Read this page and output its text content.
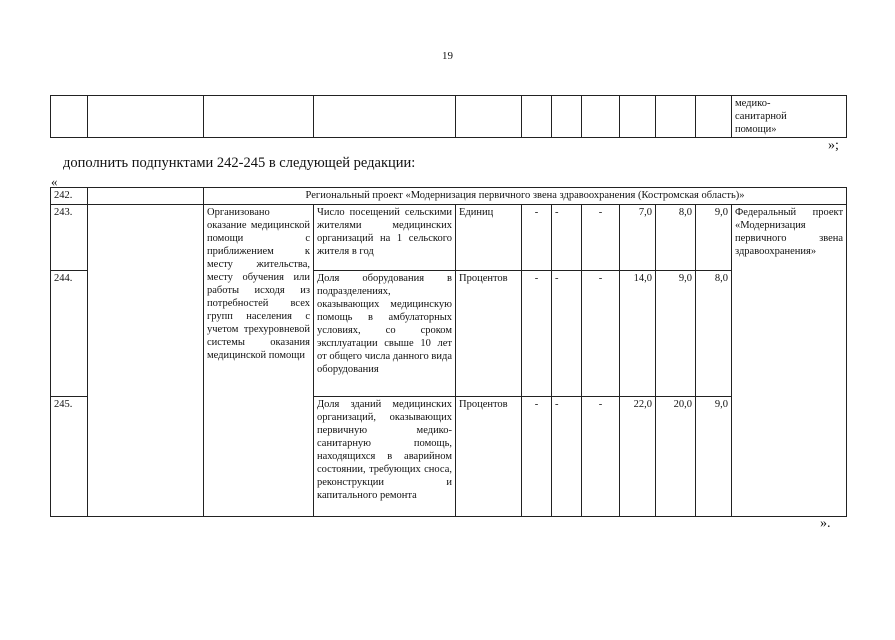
19
											медико-
санитарной
помощи»
»;
дополнить подпунктами 242-245 в следующей редакции:
«
242.		Региональный проект «Модернизация первичного звена здравоохранения (Костромская область)»									
243.		Организовано оказание медицинской помощи с приближением к месту жительства, месту обучения или работы исходя из потребностей всех групп населения с учетом трехуровневой системы оказания медицинской помощи	Число посещений сельскими жителями медицинских организаций на 1 сельского жителя в год	Единиц	-	-	-	7,0	8,0	9,0	Федеральный проект «Модернизация первичного звена здравоохранения»
244.			Доля оборудования в подразделениях, оказывающих медицинскую помощь в амбулаторных условиях, со сроком эксплуатации свыше 10 лет от общего числа данного вида оборудования	Процентов	-	-	-	14,0	9,0	8,0	
245.			Доля зданий медицинских организаций, оказывающих первичную медико-санитарную помощь, находящихся в аварийном состоянии, требующих сноса, реконструкции и капитального ремонта	Процентов	-	-	-	22,0	20,0	9,0	
».
